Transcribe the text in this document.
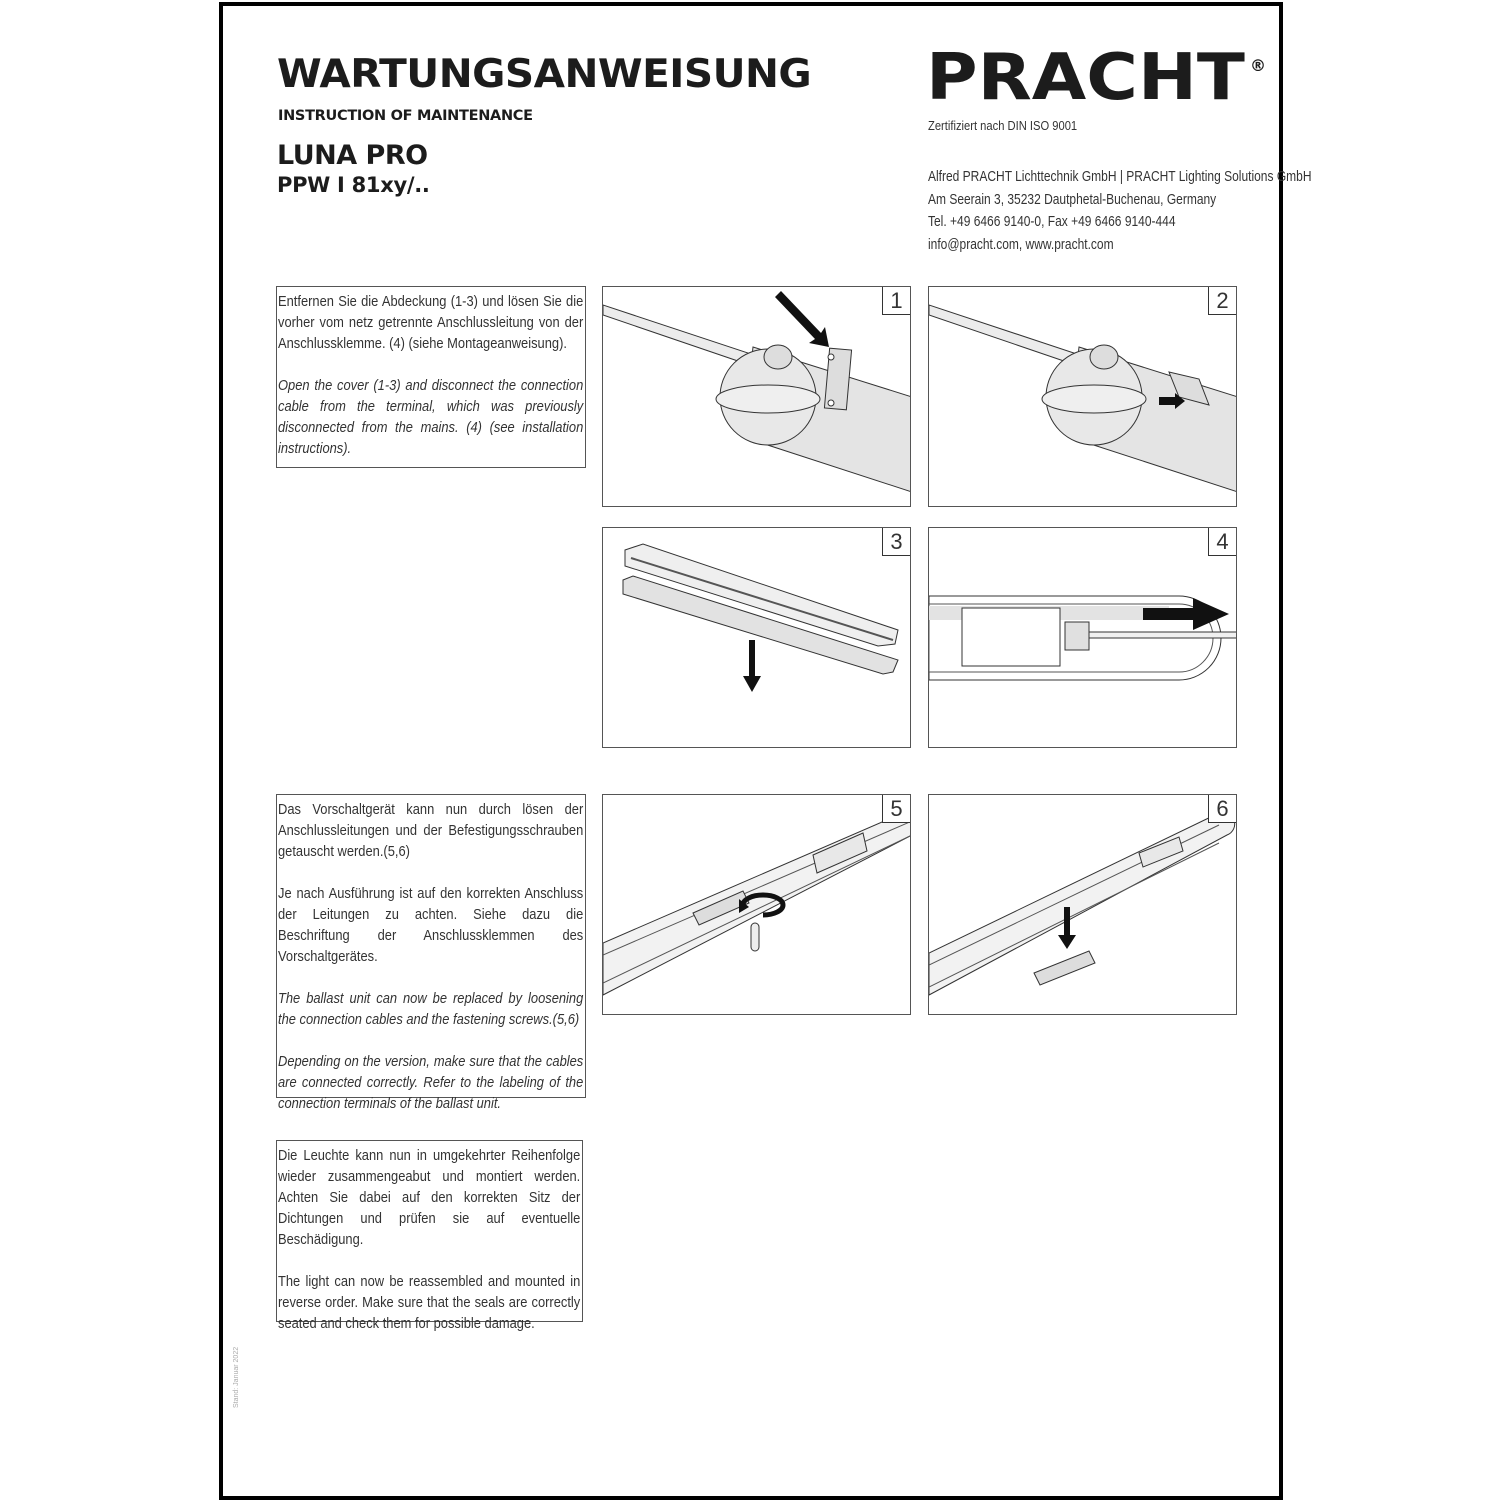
WARTUNGSANWEISUNG
INSTRUCTION OF MAINTENANCE
LUNA PRO
PPW I 81xy/..
PRACHT ®
Zertifiziert nach DIN ISO 9001
Alfred PRACHT Lichttechnik GmbH | PRACHT Lighting Solutions GmbH
Am Seerain 3, 35232 Dautphetal-Buchenau, Germany
Tel. +49 6466 9140-0, Fax +49 6466 9140-444
info@pracht.com, www.pracht.com

Entfernen Sie die Abdeckung (1-3) und lösen Sie die vorher vom netz getrennte Anschlussleitung von der Anschlussklemme. (4) (siehe Montageanweisung).

Open the cover (1-3) and disconnect the connection cable from the terminal, which was previously disconnected from the mains. (4) (see installation instructions).

Das Vorschaltgerät kann nun durch lösen der Anschlussleitungen und der Befestigungsschrauben getauscht werden.(5,6)

Je nach Ausführung ist auf den korrekten Anschluss der Leitungen zu achten. Siehe dazu die Beschriftung der Anschlussklemmen des Vorschaltgerätes.

The ballast unit can now be replaced by loosening the connection cables and the fastening screws.(5,6)

Depending on the version, make sure that the cables are connected correctly. Refer to the labeling of the connection terminals of the ballast unit.

Die Leuchte kann nun in umgekehrter Reihenfolge wieder zusammengeabut und montiert werden. Achten Sie dabei auf den korrekten Sitz der Dichtungen und prüfen sie auf eventuelle Beschädigung.

The light can now be reassembled and mounted in reverse order. Make sure that the seals are correctly seated and check them for possible damage.

1	2
3	4
5	6
Stand: Januar 2022
